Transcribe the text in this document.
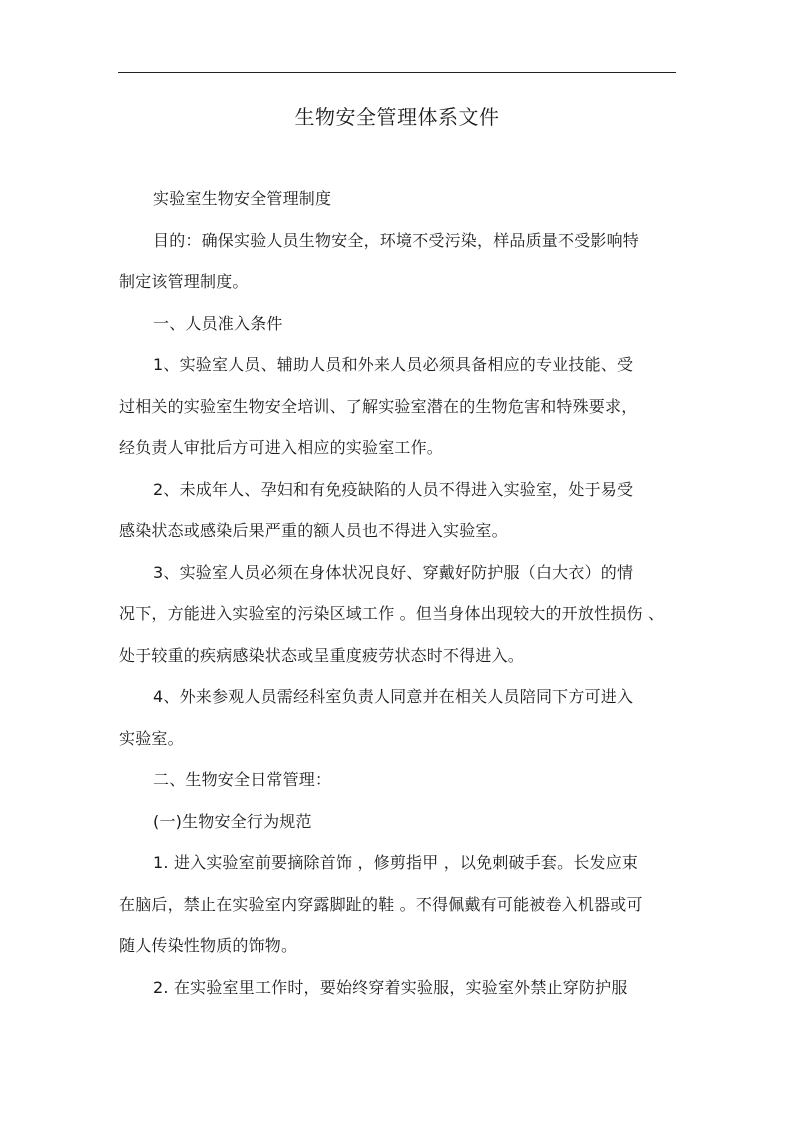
生物安全管理体系文件
实验室生物安全管理制度
目的：确保实验人员生物安全，环境不受污染，样品质量不受影响特
制定该管理制度。
一、人员准入条件
1、实验室人员、辅助人员和外来人员必须具备相应的专业技能、受
过相关的实验室生物安全培训、了解实验室潜在的生物危害和特殊要求，
经负责人审批后方可进入相应的实验室工作。
2、未成年人、孕妇和有免疫缺陷的人员不得进入实验室，处于易受
感染状态或感染后果严重的额人员也不得进入实验室。
3、实验室人员必须在身体状况良好、穿戴好防护服（白大衣）的情
况下，方能进入实验室的污染区域工作 。但当身体出现较大的开放性损伤 、
处于较重的疾病感染状态或呈重度疲劳状态时不得进入。
4、外来参观人员需经科室负责人同意并在相关人员陪同下方可进入
实验室。
二、生物安全日常管理：
(一)生物安全行为规范
1. 进入实验室前要摘除首饰 ，修剪指甲 ，以免刺破手套。长发应束
在脑后，禁止在实验室内穿露脚趾的鞋 。不得佩戴有可能被卷入机器或可
随人传染性物质的饰物。
2. 在实验室里工作时，要始终穿着实验服，实验室外禁止穿防护服
